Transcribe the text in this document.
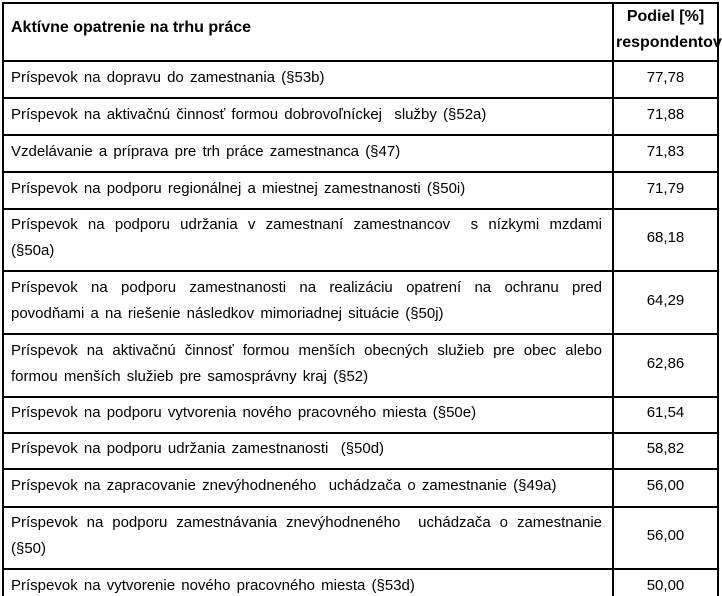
Aktívne opatrenie na trhu práce	Podiel [%]
respondentov

Príspevok na dopravu do zamestnania (§53b)	77,78
Príspevok na aktivačnú činnosť formou dobrovoľníckej  služby (§52a)	71,88
Vzdelávanie a príprava pre trh práce zamestnanca (§47)	71,83
Príspevok na podporu regionálnej a miestnej zamestnanosti (§50i)	71,79
Príspevok na podporu udržania v zamestnaní zamestnancov  s nízkymi mzdami (§50a)	68,18
Príspevok na podporu zamestnanosti na realizáciu opatrení na ochranu pred povodňami a na riešenie následkov mimoriadnej situácie (§50j)	64,29
Príspevok na aktivačnú činnosť formou menších obecných služieb pre obec alebo formou menších služieb pre samosprávny kraj (§52)	62,86
Príspevok na podporu vytvorenia nového pracovného miesta (§50e)	61,54
Príspevok na podporu udržania zamestnanosti  (§50d)	58,82
Príspevok na zapracovanie znevýhodneného  uchádzača o zamestnanie (§49a)	56,00
Príspevok na podporu zamestnávania znevýhodneného  uchádzača o zamestnanie (§50)	56,00
Príspevok na vytvorenie nového pracovného miesta (§53d)	50,00
